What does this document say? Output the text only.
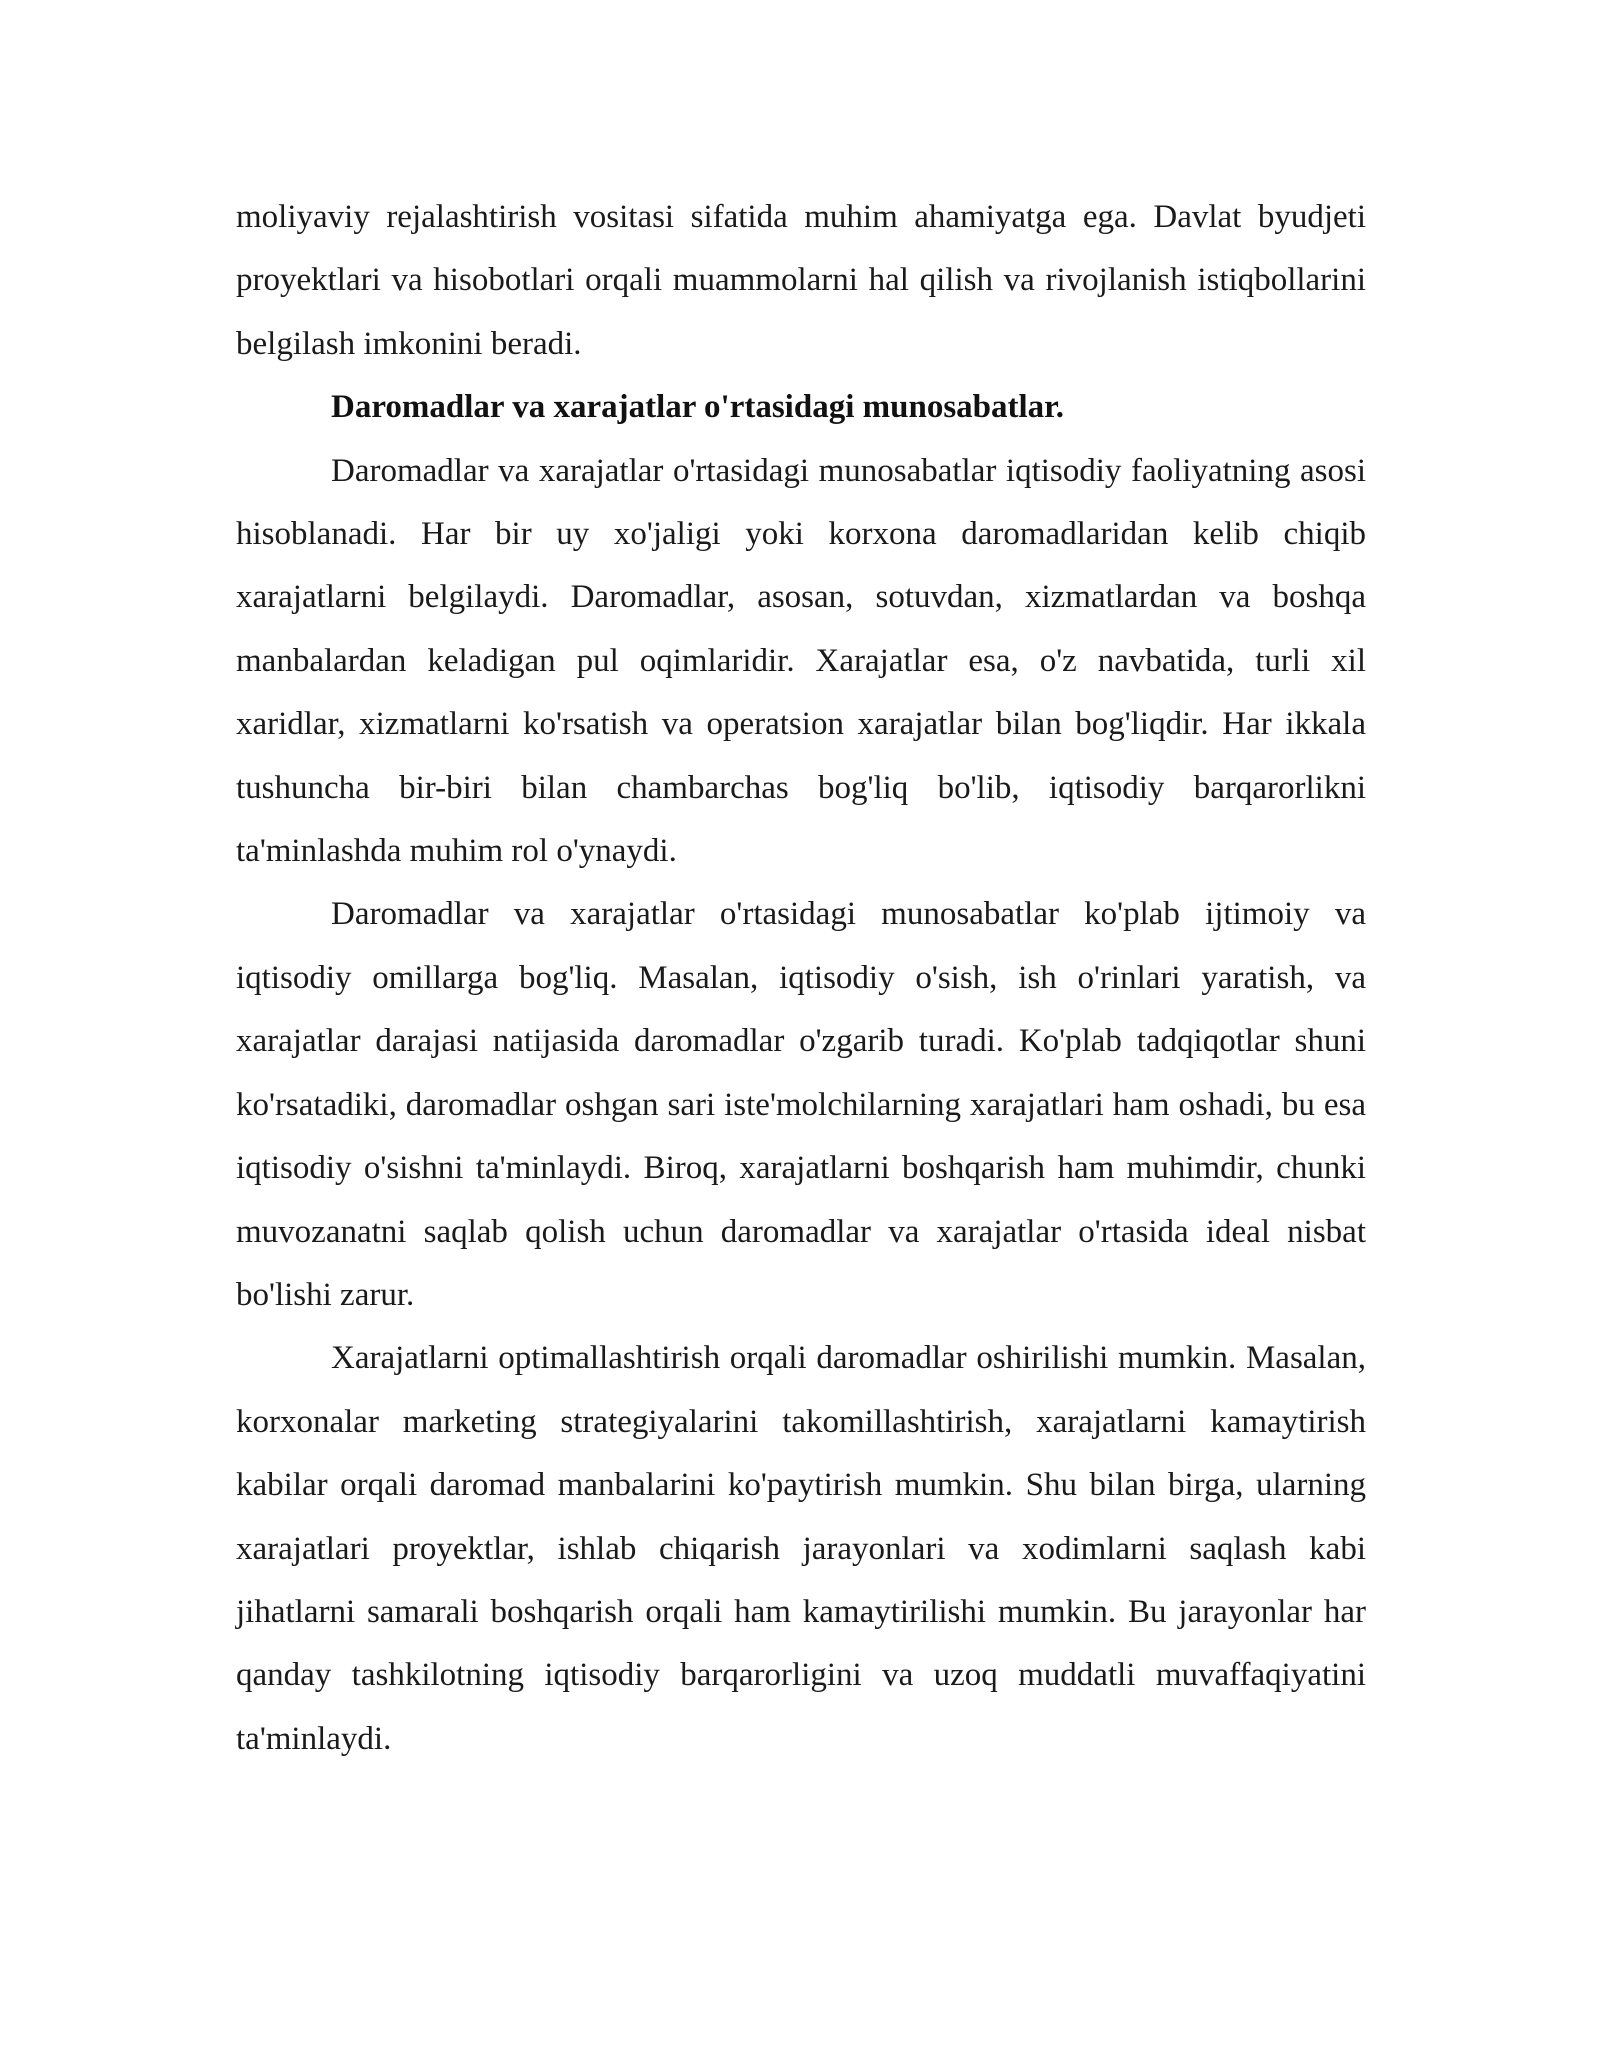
moliyaviy rejalashtirish vositasi sifatida muhim ahamiyatga ega. Davlat byudjeti proyektlari va hisobotlari orqali muammolarni hal qilish va rivojlanish istiqbollarini belgilash imkonini beradi.

Daromadlar va xarajatlar o'rtasidagi munosabatlar.

Daromadlar va xarajatlar o'rtasidagi munosabatlar iqtisodiy faoliyatning asosi hisoblanadi. Har bir uy xo'jaligi yoki korxona daromadlaridan kelib chiqib xarajatlarni belgilaydi. Daromadlar, asosan, sotuvdan, xizmatlardan va boshqa manbalardan keladigan pul oqimlaridir. Xarajatlar esa, o'z navbatida, turli xil xaridlar, xizmatlarni ko'rsatish va operatsion xarajatlar bilan bog'liqdir. Har ikkala tushuncha bir-biri bilan chambarchas bog'liq bo'lib, iqtisodiy barqarorlikni ta'minlashda muhim rol o'ynaydi.

Daromadlar va xarajatlar o'rtasidagi munosabatlar ko'plab ijtimoiy va iqtisodiy omillarga bog'liq. Masalan, iqtisodiy o'sish, ish o'rinlari yaratish, va xarajatlar darajasi natijasida daromadlar o'zgarib turadi. Ko'plab tadqiqotlar shuni ko'rsatadiki, daromadlar oshgan sari iste'molchilarning xarajatlari ham oshadi, bu esa iqtisodiy o'sishni ta'minlaydi. Biroq, xarajatlarni boshqarish ham muhimdir, chunki muvozanatni saqlab qolish uchun daromadlar va xarajatlar o'rtasida ideal nisbat bo'lishi zarur.

Xarajatlarni optimallashtirish orqali daromadlar oshirilishi mumkin. Masalan, korxonalar marketing strategiyalarini takomillashtirish, xarajatlarni kamaytirish kabilar orqali daromad manbalarini ko'paytirish mumkin. Shu bilan birga, ularning xarajatlari proyektlar, ishlab chiqarish jarayonlari va xodimlarni saqlash kabi jihatlarni samarali boshqarish orqali ham kamaytirilishi mumkin. Bu jarayonlar har qanday tashkilotning iqtisodiy barqarorligini va uzoq muddatli muvaffaqiyatini ta'minlaydi.
